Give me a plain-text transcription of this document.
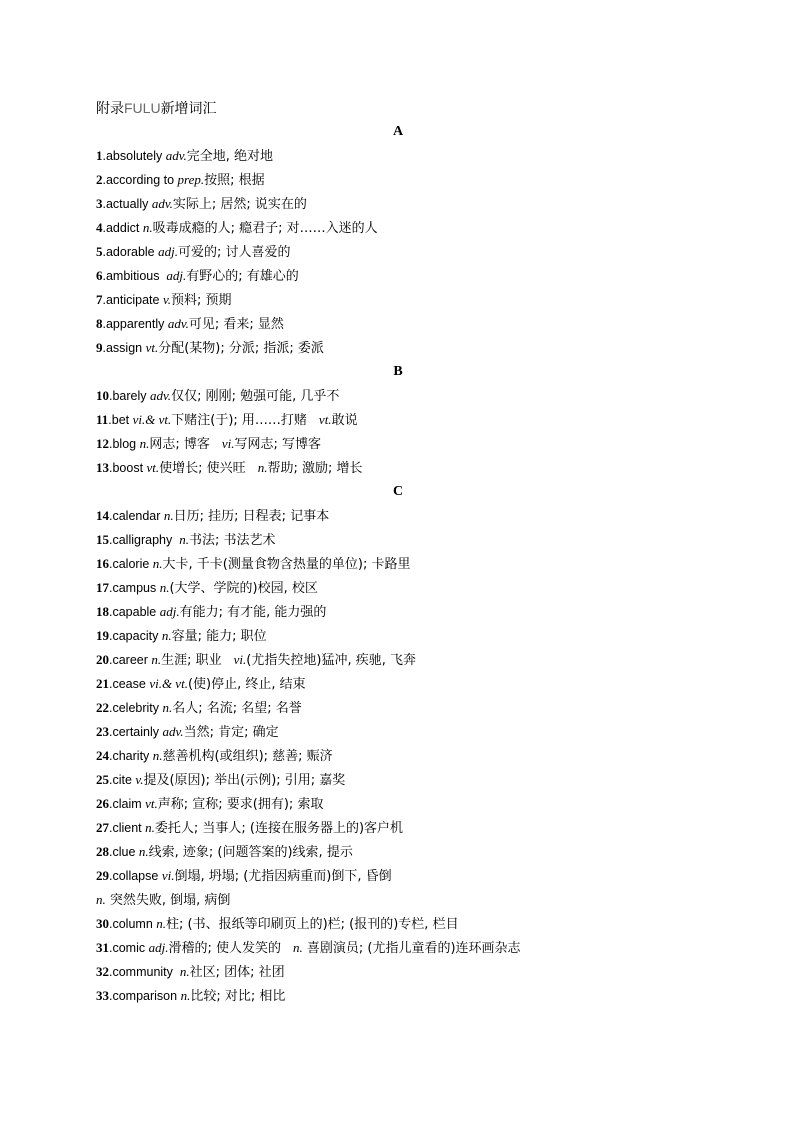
附录FULU新增词汇
A
1.absolutely adv.完全地, 绝对地
2.according to prep.按照; 根据
3.actually adv.实际上; 居然; 说实在的
4.addict n.吸毒成瘾的人; 瘾君子; 对……入迷的人
5.adorable adj.可爱的; 讨人喜爱的
6.ambitious  adj.有野心的; 有雄心的
7.anticipate v.预料; 预期
8.apparently adv.可见; 看来; 显然
9.assign vt.分配(某物); 分派; 指派; 委派
B
10.barely adv.仅仅; 刚刚; 勉强可能, 几乎不
11.bet vi.& vt.下赌注(于); 用……打赌 vt.敢说
12.blog n.网志; 博客 vi.写网志; 写博客
13.boost vt.使增长; 使兴旺 n.帮助; 激励; 增长
C
14.calendar n.日历; 挂历; 日程表; 记事本
15.calligraphy  n.书法; 书法艺术
16.calorie n.大卡, 千卡(测量食物含热量的单位); 卡路里
17.campus n.(大学、学院的)校园, 校区
18.capable adj.有能力; 有才能, 能力强的
19.capacity n.容量; 能力; 职位
20.career n.生涯; 职业 vi.(尤指失控地)猛冲, 疾驰, 飞奔
21.cease vi.& vt.(使)停止, 终止, 结束
22.celebrity n.名人; 名流; 名望; 名誉
23.certainly adv.当然; 肯定; 确定
24.charity n.慈善机构(或组织); 慈善; 赈济
25.cite v.提及(原因); 举出(示例); 引用; 嘉奖
26.claim vt.声称; 宣称; 要求(拥有); 索取
27.client n.委托人; 当事人; (连接在服务器上的)客户机
28.clue n.线索, 迹象; (问题答案的)线索, 提示
29.collapse vi.倒塌, 坍塌; (尤指因病重而)倒下, 昏倒
n. 突然失败, 倒塌, 病倒
30.column n.柱; (书、报纸等印刷页上的)栏; (报刊的)专栏, 栏目
31.comic adj.滑稽的; 使人发笑的 n. 喜剧演员; (尤指儿童看的)连环画杂志
32.community  n.社区; 团体; 社团
33.comparison n.比较; 对比; 相比
